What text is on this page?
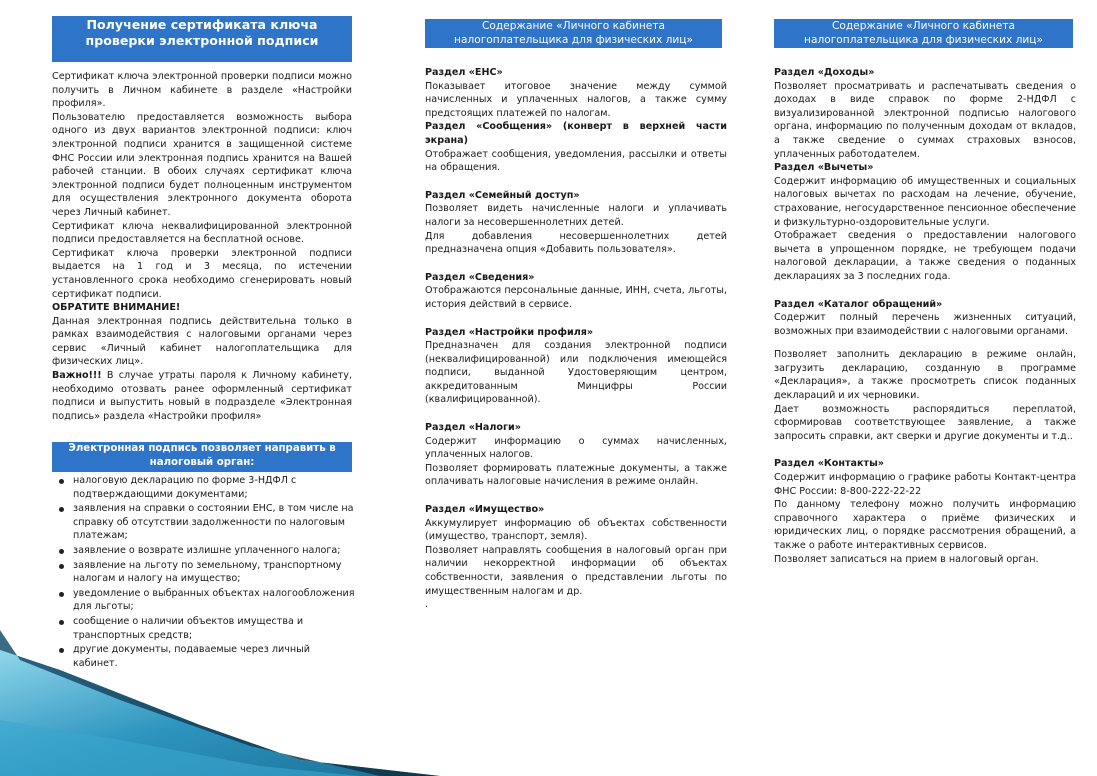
Получение сертификата ключа проверки электронной подписи

Сертификат ключа электронной проверки подписи можно получить в Личном кабинете в разделе «Настройки профиля».

Пользователю предоставляется возможность выбора одного из двух вариантов электронной подписи: ключ электронной подписи хранится в защищенной системе ФНС России или электронная подпись хранится на Вашей рабочей станции. В обоих случаях сертификат ключа электронной подписи будет полноценным инструментом для осуществления электронного документа оборота через Личный кабинет.

Сертификат ключа неквалифицированной электронной подписи предоставляется на бесплатной основе.

Сертификат ключа проверки электронной подписи выдается на 1 год и 3 месяца, по истечении установленного срока необходимо сгенерировать новый сертификат подписи.

ОБРАТИТЕ ВНИМАНИЕ!

Данная электронная подпись действительна только в рамках взаимодействия с налоговыми органами через сервис «Личный кабинет налогоплательщика для физических лиц».

Важно!!! В случае утраты пароля к Личному кабинету, необходимо отозвать ранее оформленный сертификат подписи и выпустить новый в подразделе «Электронная подпись» раздела «Настройки профиля»

Электронная подпись позволяет направить в налоговый орган:
налоговую декларацию по форме 3-НДФЛ с подтверждающими документами;
заявления на справки о состоянии ЕНС, в том числе на справку об отсутствии задолженности по налоговым платежам;
заявление о возврате излишне уплаченного налога;
заявление на льготу по земельному, транспортному налогам и налогу на имущество;
уведомление о выбранных объектах налогообложения для льготы;
сообщение о наличии объектов имущества и транспортных средств;
другие документы, подаваемые через личный кабинет.
Содержание «Личного кабинета налогоплательщика для физических лиц»

Раздел «ЕНС»

Показывает итоговое значение между суммой начисленных и уплаченных налогов, а также сумму предстоящих платежей по налогам.

Раздел «Сообщения» (конверт в верхней части экрана)

Отображает сообщения, уведомления, рассылки и ответы на обращения.

Раздел «Семейный доступ»

Позволяет видеть начисленные налоги и уплачивать налоги за несовершеннолетних детей.

Для добавления несовершеннолетних детей предназначена опция «Добавить пользователя».

Раздел «Сведения»

Отображаются персональные данные, ИНН, счета, льготы, история действий в сервисе.

Раздел «Настройки профиля»

Предназначен для создания электронной подписи (неквалифицированной) или подключения имеющейся подписи, выданной Удостоверяющим центром, аккредитованным Минцифры России (квалифицированной).

Раздел «Налоги»

Содержит информацию о суммах начисленных, уплаченных налогов.

Позволяет формировать платежные документы, а также оплачивать налоговые начисления в режиме онлайн.

Раздел «Имущество»

Аккумулирует информацию об объектах собственности (имущество, транспорт, земля).

Позволяет направлять сообщения в налоговый орган при наличии некорректной информации об объектах собственности, заявления о представлении льготы по имущественным налогам и др.

.

Содержание «Личного кабинета налогоплательщика для физических лиц»

Раздел «Доходы»

Позволяет просматривать и распечатывать сведения о доходах в виде справок по форме 2-НДФЛ с визуализированной электронной подписью налогового органа, информацию по полученным доходам от вкладов, а также сведение о суммах страховых взносов, уплаченных работодателем.

Раздел «Вычеты»

Содержит информацию об имущественных и социальных налоговых вычетах по расходам на лечение, обучение, страхование, негосударственное пенсионное обеспечение и физкультурно-оздоровительные услуги.

Отображает сведения о предоставлении налогового вычета в упрощенном порядке, не требующем подачи налоговой декларации, а также сведения о поданных декларациях за 3 последних года.

Раздел «Каталог обращений»

Содержит полный перечень жизненных ситуаций, возможных при взаимодействии с налоговыми органами.

Позволяет заполнить декларацию в режиме онлайн, загрузить декларацию, созданную в программе «Декларация», а также просмотреть список поданных деклараций и их черновики.

Дает возможность распорядиться переплатой, сформировав соответствующее заявление, а также запросить справки, акт сверки и другие документы и т.д..

Раздел «Контакты»

Содержит информацию о графике работы Контакт-центра ФНС России: 8-800-222-22-22

По данному телефону можно получить информацию справочного характера о приёме физических и юридических лиц, о порядке рассмотрения обращений, а также о работе интерактивных сервисов.

Позволяет записаться на прием в налоговый орган.
